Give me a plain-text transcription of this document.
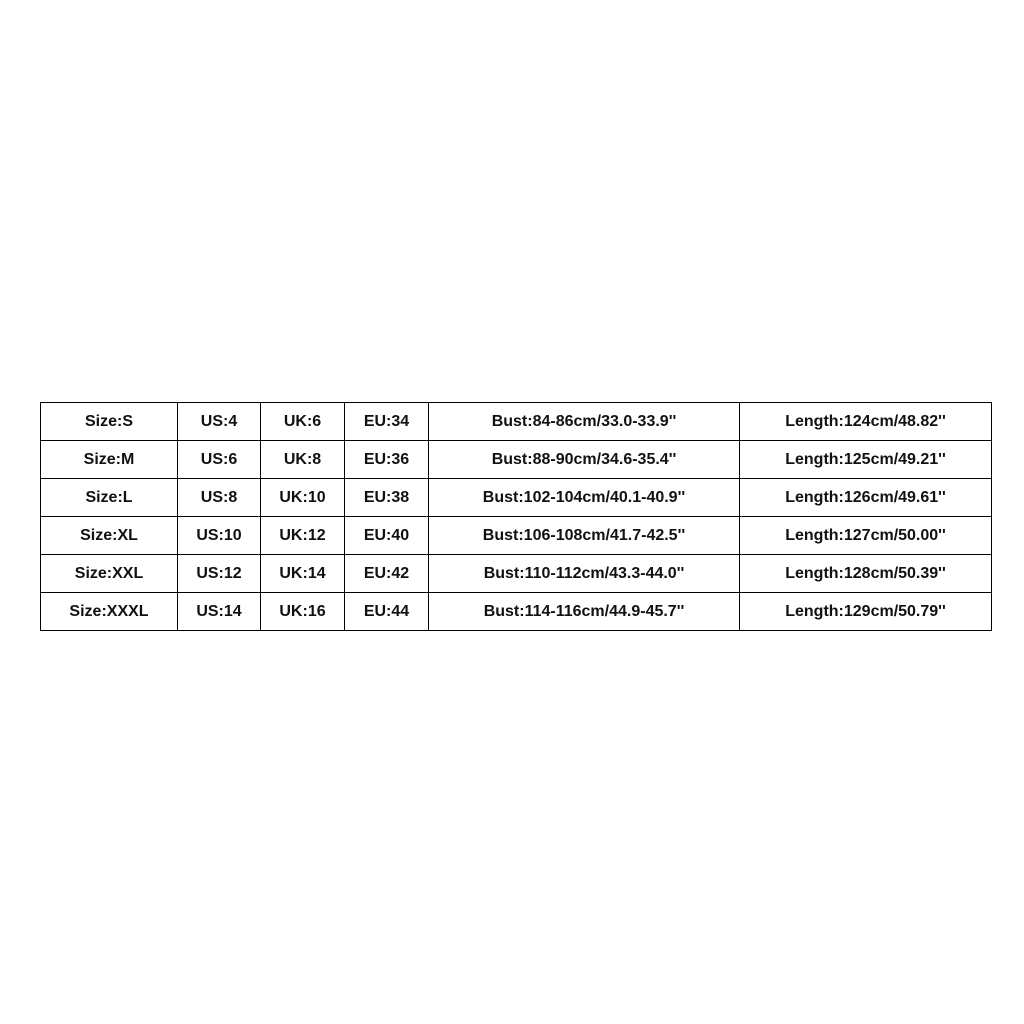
Size:S	US:4	UK:6	EU:34	Bust:84-86cm/33.0-33.9''	Length:124cm/48.82''
Size:M	US:6	UK:8	EU:36	Bust:88-90cm/34.6-35.4''	Length:125cm/49.21''
Size:L	US:8	UK:10	EU:38	Bust:102-104cm/40.1-40.9''	Length:126cm/49.61''
Size:XL	US:10	UK:12	EU:40	Bust:106-108cm/41.7-42.5''	Length:127cm/50.00''
Size:XXL	US:12	UK:14	EU:42	Bust:110-112cm/43.3-44.0''	Length:128cm/50.39''
Size:XXXL	US:14	UK:16	EU:44	Bust:114-116cm/44.9-45.7''	Length:129cm/50.79''
